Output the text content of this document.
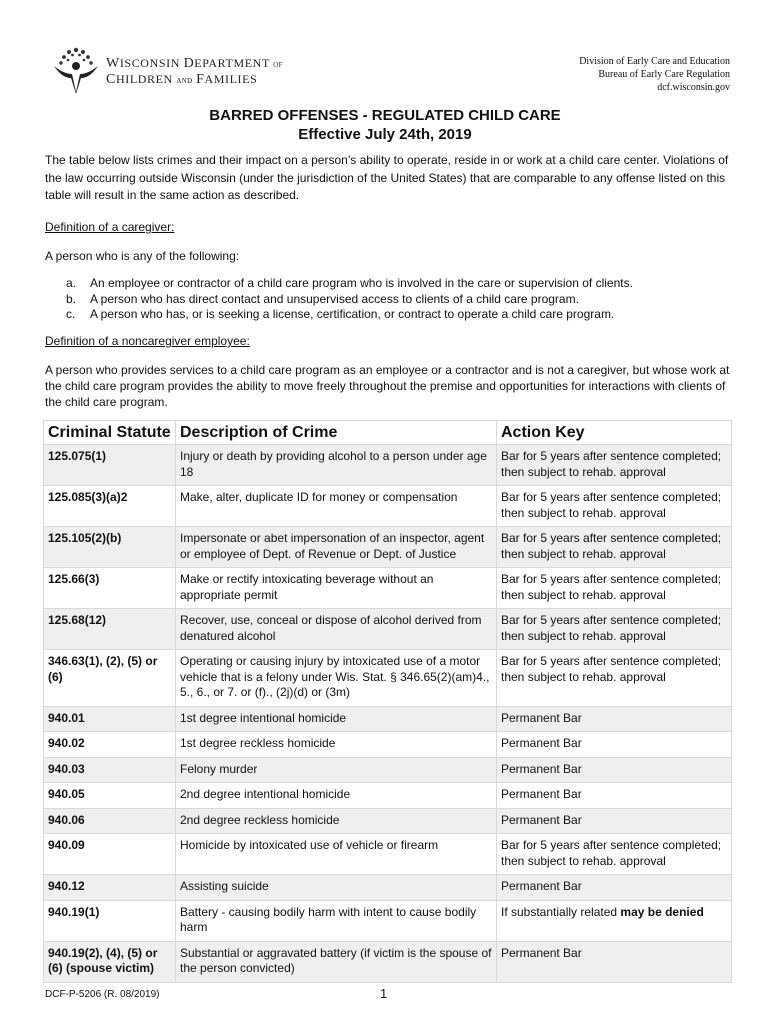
WISCONSIN DEPARTMENT OF
CHILDREN AND FAMILIES
Division of Early Care and Education
Bureau of Early Care Regulation
dcf.wisconsin.gov
BARRED OFFENSES - REGULATED CHILD CARE
Effective July 24th, 2019
The table below lists crimes and their impact on a person’s ability to operate, reside in or work at a child care center. Violations of the law occurring outside Wisconsin (under the jurisdiction of the United States) that are comparable to any offense listed on this table will result in the same action as described.
Definition of a caregiver:
A person who is any of the following:
a. An employee or contractor of a child care program who is involved in the care or supervision of clients.
b. A person who has direct contact and unsupervised access to clients of a child care program.
c. A person who has, or is seeking a license, certification, or contract to operate a child care program.
Definition of a noncaregiver employee:
A person who provides services to a child care program as an employee or a contractor and is not a caregiver, but whose work at the child care program provides the ability to move freely throughout the premise and opportunities for interactions with clients of the child care program.
Criminal Statute	Description of Crime	Action Key
125.075(1)	Injury or death by providing alcohol to a person under age 18	Bar for 5 years after sentence completed; then subject to rehab. approval
125.085(3)(a)2	Make, alter, duplicate ID for money or compensation	Bar for 5 years after sentence completed; then subject to rehab. approval
125.105(2)(b)	Impersonate or abet impersonation of an inspector, agent or employee of Dept. of Revenue or Dept. of Justice	Bar for 5 years after sentence completed; then subject to rehab. approval
125.66(3)	Make or rectify intoxicating beverage without an appropriate permit	Bar for 5 years after sentence completed; then subject to rehab. approval
125.68(12)	Recover, use, conceal or dispose of alcohol derived from denatured alcohol	Bar for 5 years after sentence completed; then subject to rehab. approval
346.63(1), (2), (5) or (6)	Operating or causing injury by intoxicated use of a motor vehicle that is a felony under Wis. Stat. § 346.65(2)(am)4., 5., 6., or 7. or (f)., (2j)(d) or (3m)	Bar for 5 years after sentence completed; then subject to rehab. approval
940.01	1st degree intentional homicide	Permanent Bar
940.02	1st degree reckless homicide	Permanent Bar
940.03	Felony murder	Permanent Bar
940.05	2nd degree intentional homicide	Permanent Bar
940.06	2nd degree reckless homicide	Permanent Bar
940.09	Homicide by intoxicated use of vehicle or firearm	Bar for 5 years after sentence completed; then subject to rehab. approval
940.12	Assisting suicide	Permanent Bar
940.19(1)	Battery - causing bodily harm with intent to cause bodily harm	If substantially related may be denied
940.19(2), (4), (5) or (6) (spouse victim)	Substantial or aggravated battery (if victim is the spouse of the person convicted)	Permanent Bar
DCF-P-5206 (R. 08/2019)	1
